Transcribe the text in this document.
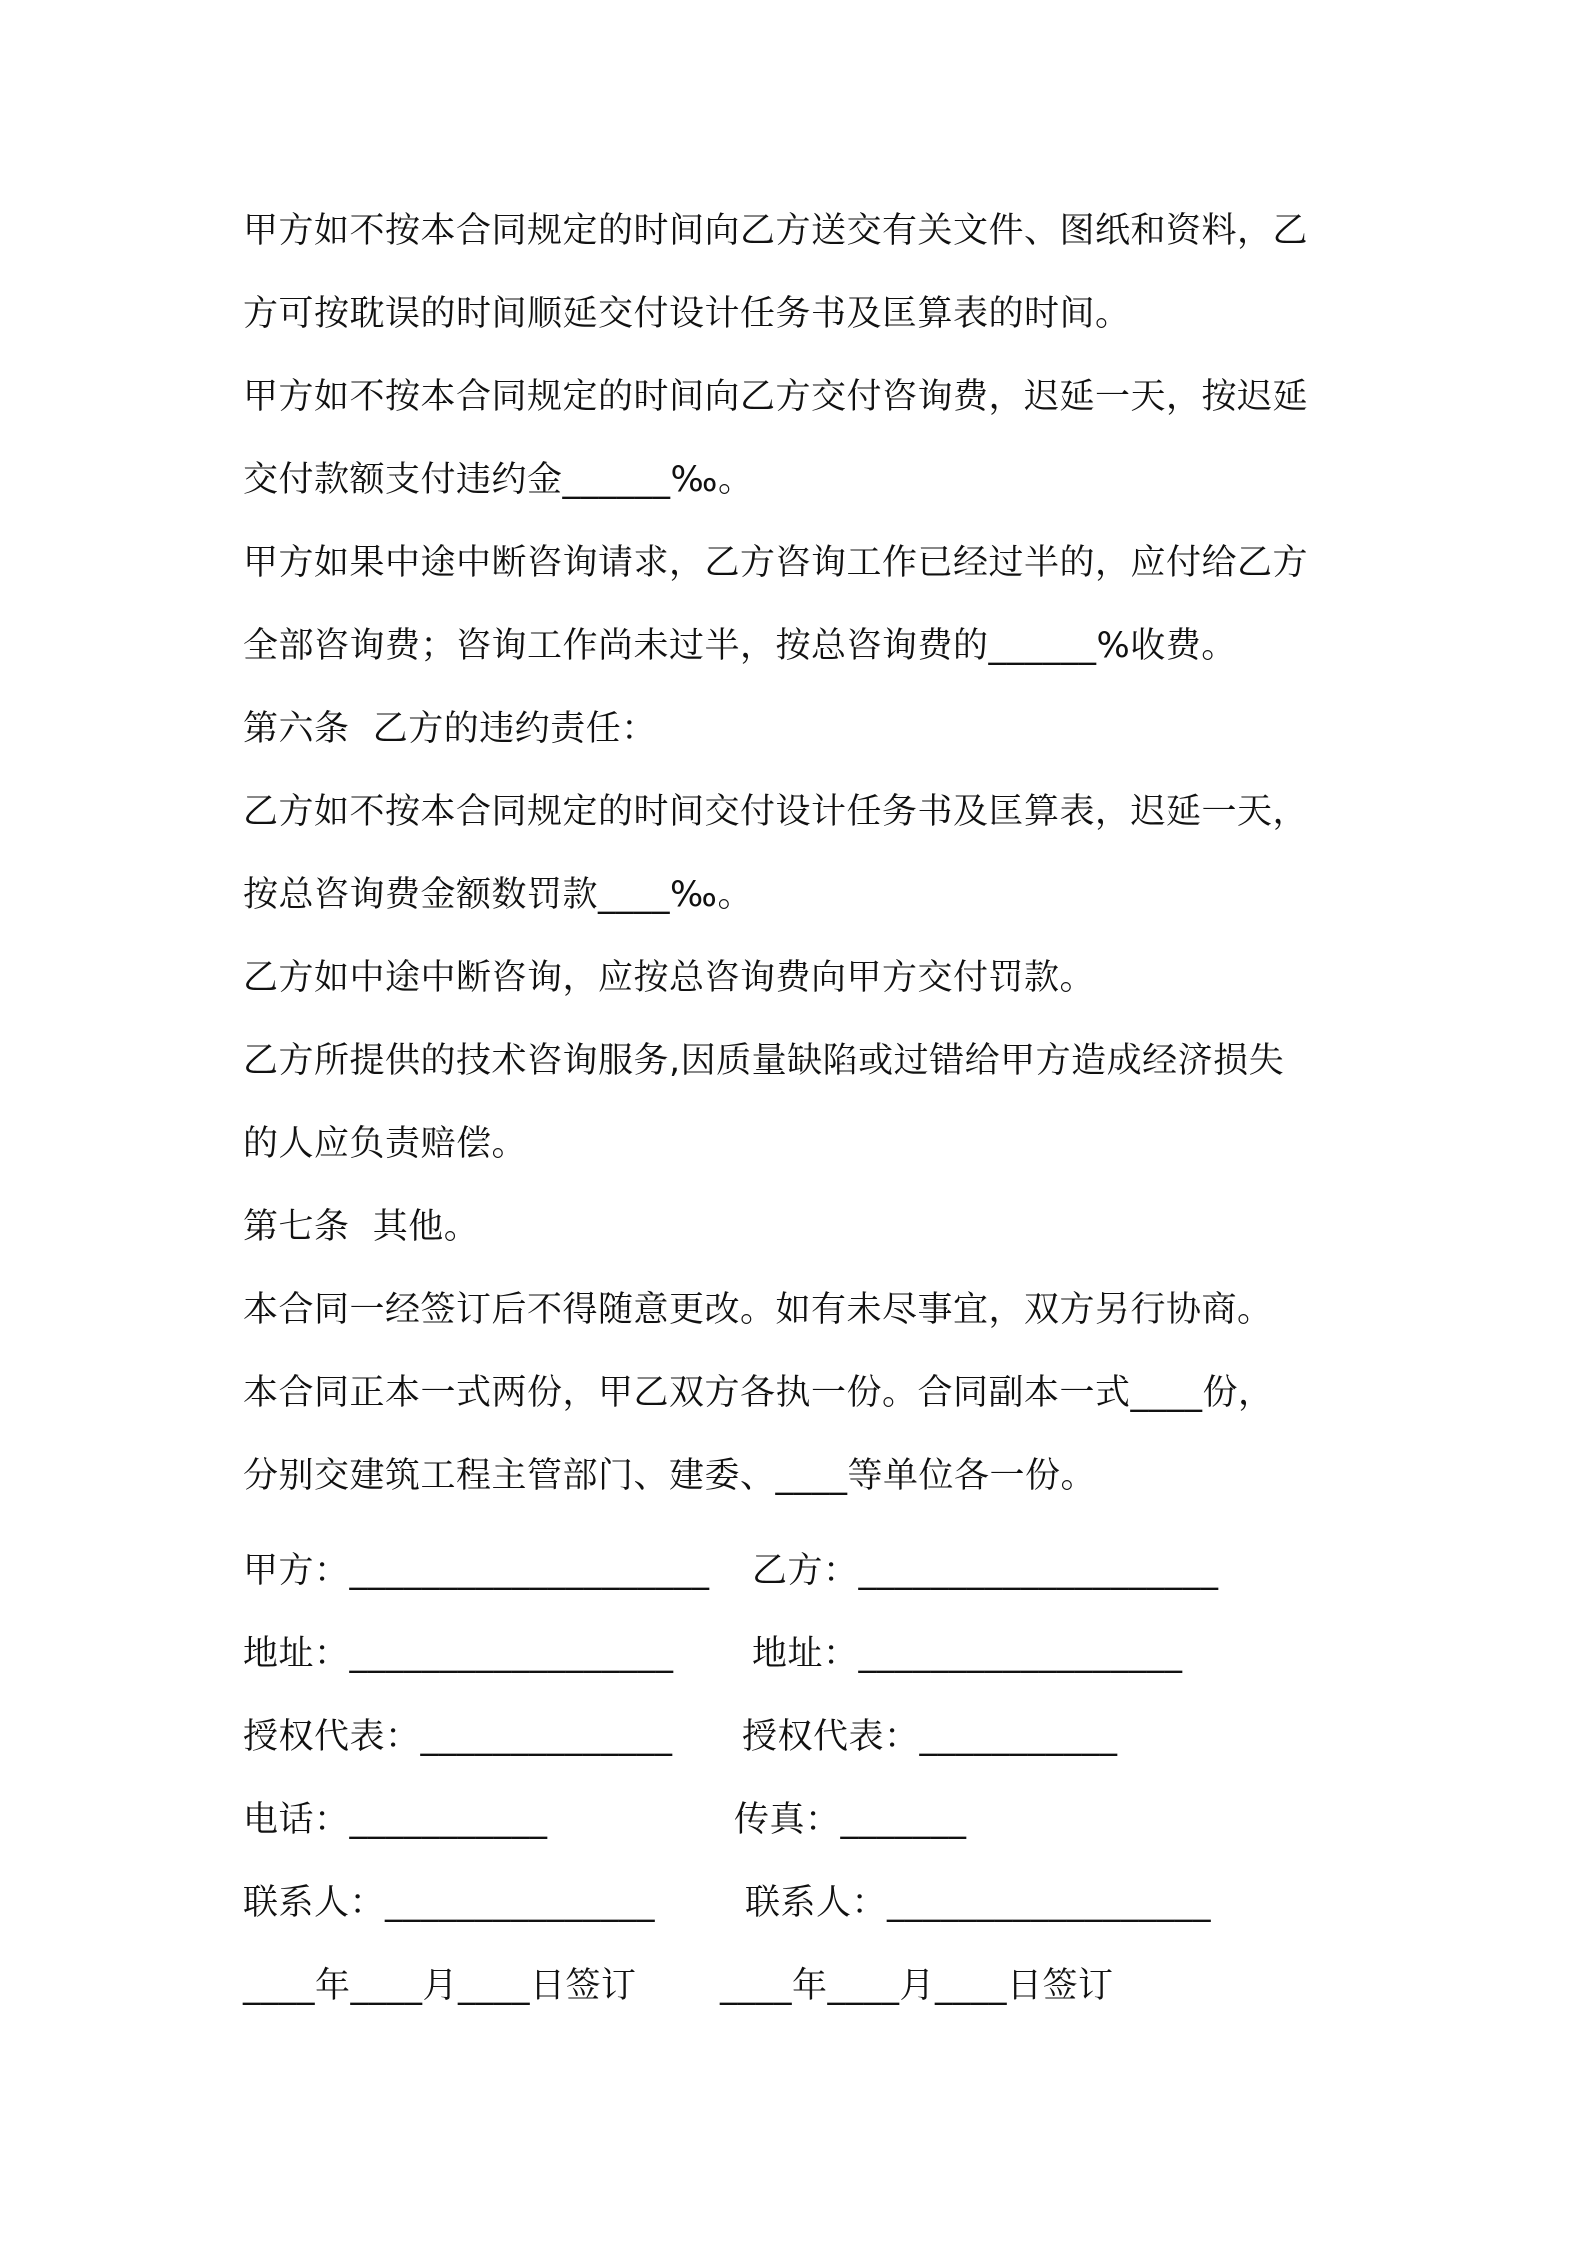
甲方如不按本合同规定的时间向乙方送交有关文件、图纸和资料，乙
方可按耽误的时间顺延交付设计任务书及匡算表的时间。
甲方如不按本合同规定的时间向乙方交付咨询费，迟延一天，按迟延
交付款额支付违约金______‰。
甲方如果中途中断咨询请求，乙方咨询工作已经过半的，应付给乙方
全部咨询费；咨询工作尚未过半，按总咨询费的______%收费。
第六条  乙方的违约责任：
乙方如不按本合同规定的时间交付设计任务书及匡算表，迟延一天，
按总咨询费金额数罚款____‰。
乙方如中途中断咨询，应按总咨询费向甲方交付罚款。
乙方所提供的技术咨询服务,因质量缺陷或过错给甲方造成经济损失
的人应负责赔偿。
第七条  其他。
本合同一经签订后不得随意更改。如有未尽事宜，双方另行协商。
本合同正本一式两份，甲乙双方各执一份。合同副本一式____份，
分别交建筑工程主管部门、建委、____等单位各一份。
甲方：____________________ 乙方：____________________
地址：__________________ 地址：__________________
授权代表：______________ 授权代表：___________
电话：___________	传真：_______
联系人：_______________	联系人：__________________
____年____月____日签订 ____年____月____日签订
